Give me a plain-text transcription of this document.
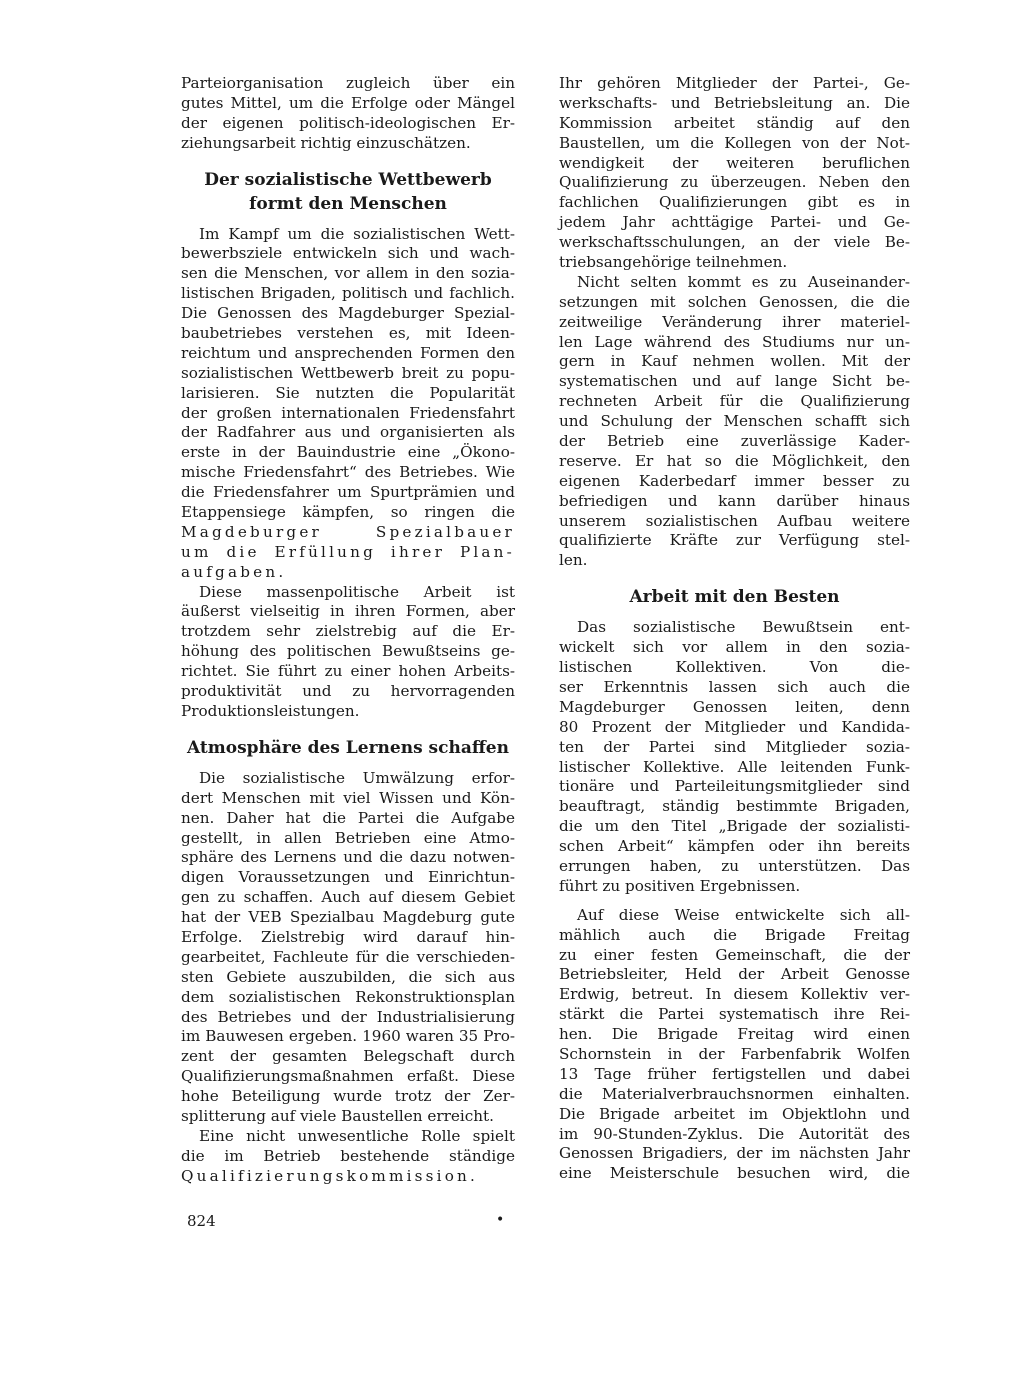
Parteiorganisation zugleich über ein
gutes Mittel, um die Erfolge oder Mängel
der eigenen politisch-ideologischen Er-
ziehungsarbeit richtig einzuschätzen.
Der sozialistische Wettbewerb
formt den Menschen
Im Kampf um die sozialistischen Wett-
bewerbsziele entwickeln sich und wach-
sen die Menschen, vor allem in den sozia-
listischen Brigaden, politisch und fachlich.
Die Genossen des Magdeburger Spezial-
baubetriebes verstehen es, mit Ideen-
reichtum und ansprechenden Formen den
sozialistischen Wettbewerb breit zu popu-
larisieren. Sie nutzten die Popularität
der großen internationalen Friedensfahrt
der Radfahrer aus und organisierten als
erste in der Bauindustrie eine „Ökono-
mische Friedensfahrt“ des Betriebes. Wie
die Friedensfahrer um Spurtprämien und
Etappensiege kämpfen, so ringen die
Magdeburger Spezialbauer
um die Erfüllung ihrer Plan-
aufgaben.
Diese massenpolitische Arbeit ist
äußerst vielseitig in ihren Formen, aber
trotzdem sehr zielstrebig auf die Er-
höhung des politischen Bewußtseins ge-
richtet. Sie führt zu einer hohen Arbeits-
produktivität und zu hervorragenden
Produktionsleistungen.
Atmosphäre des Lernens schaffen
Die sozialistische Umwälzung erfor-
dert Menschen mit viel Wissen und Kön-
nen. Daher hat die Partei die Aufgabe
gestellt, in allen Betrieben eine Atmo-
sphäre des Lernens und die dazu notwen-
digen Voraussetzungen und Einrichtun-
gen zu schaffen. Auch auf diesem Gebiet
hat der VEB Spezialbau Magdeburg gute
Erfolge. Zielstrebig wird darauf hin-
gearbeitet, Fachleute für die verschieden-
sten Gebiete auszubilden, die sich aus
dem sozialistischen Rekonstruktionsplan
des Betriebes und der Industrialisierung
im Bauwesen ergeben. 1960 waren 35 Pro-
zent der gesamten Belegschaft durch
Qualifizierungsmaßnahmen erfaßt. Diese
hohe Beteiligung wurde trotz der Zer-
splitterung auf viele Baustellen erreicht.
Eine nicht unwesentliche Rolle spielt
die im Betrieb bestehende ständige
Qualifizierungskommission.
Ihr gehören Mitglieder der Partei-, Ge-
werkschafts- und Betriebsleitung an. Die
Kommission arbeitet ständig auf den
Baustellen, um die Kollegen von der Not-
wendigkeit der weiteren beruflichen
Qualifizierung zu überzeugen. Neben den
fachlichen Qualifizierungen gibt es in
jedem Jahr achttägige Partei- und Ge-
werkschaftsschulungen, an der viele Be-
triebsangehörige teilnehmen.
Nicht selten kommt es zu Auseinander-
setzungen mit solchen Genossen, die die
zeitweilige Veränderung ihrer materiel-
len Lage während des Studiums nur un-
gern in Kauf nehmen wollen. Mit der
systematischen und auf lange Sicht be-
rechneten Arbeit für die Qualifizierung
und Schulung der Menschen schafft sich
der Betrieb eine zuverlässige Kader-
reserve. Er hat so die Möglichkeit, den
eigenen Kaderbedarf immer besser zu
befriedigen und kann darüber hinaus
unserem sozialistischen Aufbau weitere
qualifizierte Kräfte zur Verfügung stel-
len.
Arbeit mit den Besten
Das sozialistische Bewußtsein ent-
wickelt sich vor allem in den sozia-
listischen Kollektiven. Von die-
ser Erkenntnis lassen sich auch die
Magdeburger Genossen leiten, denn
80 Prozent der Mitglieder und Kandida-
ten der Partei sind Mitglieder sozia-
listischer Kollektive. Alle leitenden Funk-
tionäre und Parteileitungsmitglieder sind
beauftragt, ständig bestimmte Brigaden,
die um den Titel „Brigade der sozialisti-
schen Arbeit“ kämpfen oder ihn bereits
errungen haben, zu unterstützen. Das
führt zu positiven Ergebnissen.
Auf diese Weise entwickelte sich all-
mählich auch die Brigade Freitag
zu einer festen Gemeinschaft, die der
Betriebsleiter, Held der Arbeit Genosse
Erdwig, betreut. In diesem Kollektiv ver-
stärkt die Partei systematisch ihre Rei-
hen. Die Brigade Freitag wird einen
Schornstein in der Farbenfabrik Wolfen
13 Tage früher fertigstellen und dabei
die Materialverbrauchsnormen einhalten.
Die Brigade arbeitet im Objektlohn und
im 90-Stunden-Zyklus. Die Autorität des
Genossen Brigadiers, der im nächsten Jahr
eine Meisterschule besuchen wird, die
824	•
